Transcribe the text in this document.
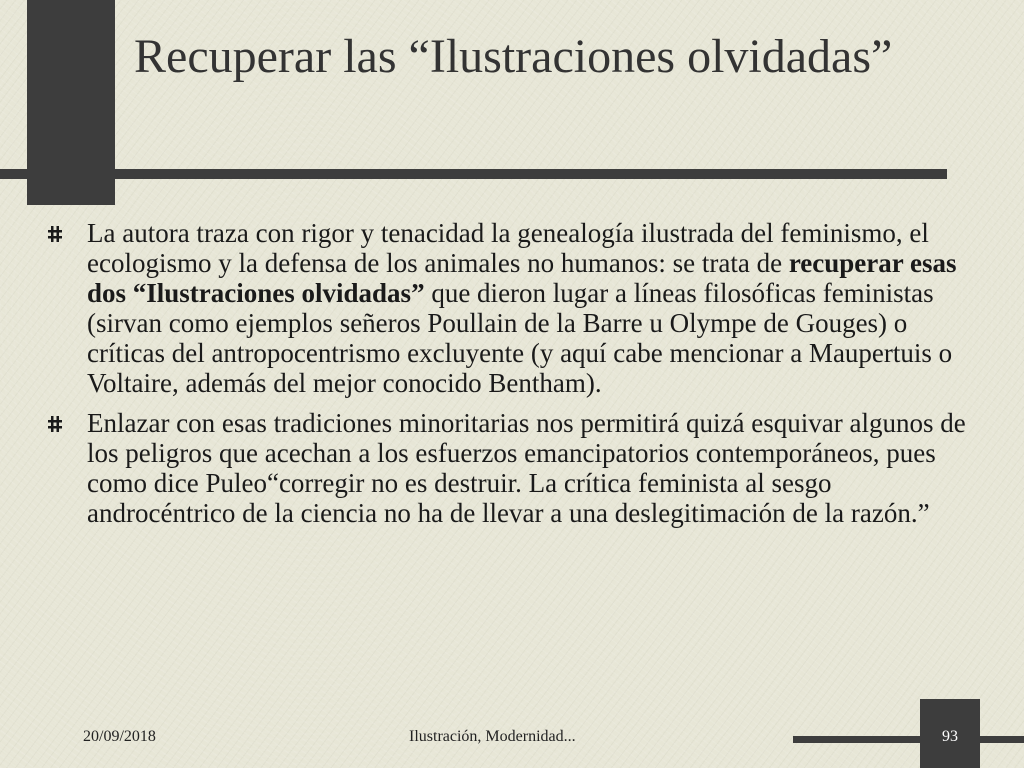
Recuperar las “Ilustraciones olvidadas”
La autora traza con rigor y tenacidad la genealogía ilustrada del feminismo, el ecologismo y la defensa de los animales no humanos: se trata de recuperar esas dos “Ilustraciones olvidadas” que dieron lugar a líneas filosóficas feministas (sirvan como ejemplos señeros Poullain de la Barre u Olympe de Gouges) o críticas del antropocentrismo excluyente (y aquí cabe mencionar a Maupertuis o Voltaire, además del mejor conocido Bentham).
Enlazar con esas tradiciones minoritarias nos permitirá quizá esquivar algunos de los peligros que acechan a los esfuerzos emancipatorios contemporáneos, pues como dice Puleo“corregir no es destruir. La crítica feminista al sesgo androcéntrico de la ciencia no ha de llevar a una deslegitimación de la razón.”
20/09/2018	Ilustración, Modernidad...	93
